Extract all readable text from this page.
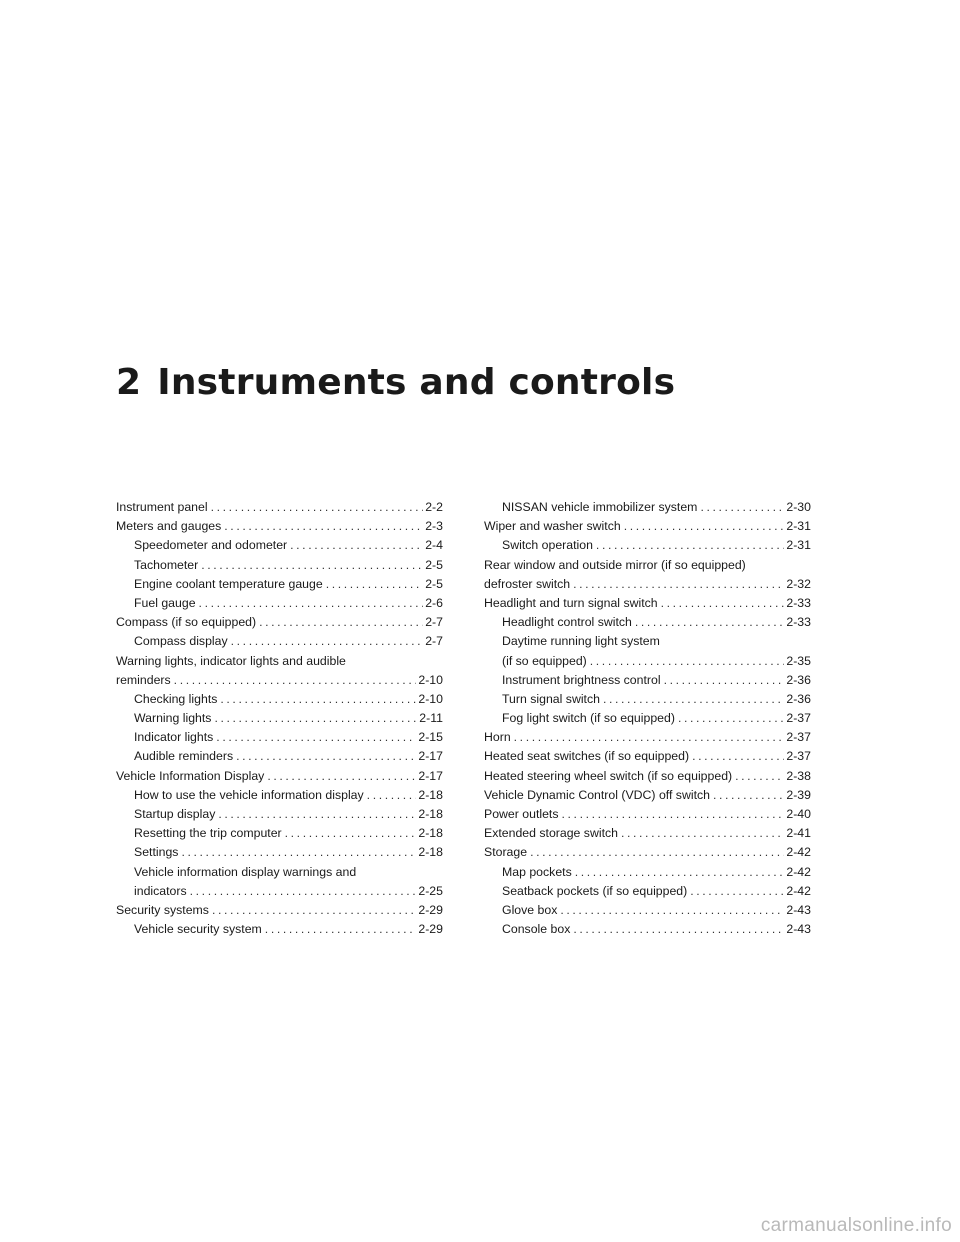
2 Instruments and controls
Instrument panel .....	2-2
Meters and gauges .....	2-3
Speedometer and odometer .....	2-4
Tachometer .....	2-5
Engine coolant temperature gauge .....	2-5
Fuel gauge .....	2-6
Compass (if so equipped) .....	2-7
Compass display .....	2-7
Warning lights, indicator lights and audible
reminders .....	2-10
Checking lights .....	2-10
Warning lights .....	2-11
Indicator lights .....	2-15
Audible reminders .....	2-17
Vehicle Information Display .....	2-17
How to use the vehicle information display .....	2-18
Startup display .....	2-18
Resetting the trip computer .....	2-18
Settings .....	2-18
Vehicle information display warnings and
indicators .....	2-25
Security systems .....	2-29
Vehicle security system .....	2-29
NISSAN vehicle immobilizer system .....	2-30
Wiper and washer switch .....	2-31
Switch operation .....	2-31
Rear window and outside mirror (if so equipped)
defroster switch .....	2-32
Headlight and turn signal switch .....	2-33
Headlight control switch .....	2-33
Daytime running light system
(if so equipped) .....	2-35
Instrument brightness control .....	2-36
Turn signal switch .....	2-36
Fog light switch (if so equipped) .....	2-37
Horn .....	2-37
Heated seat switches (if so equipped) .....	2-37
Heated steering wheel switch (if so equipped) .....	2-38
Vehicle Dynamic Control (VDC) off switch .....	2-39
Power outlets .....	2-40
Extended storage switch .....	2-41
Storage .....	2-42
Map pockets .....	2-42
Seatback pockets (if so equipped) .....	2-42
Glove box .....	2-43
Console box .....	2-43
carmanualsonline.info
